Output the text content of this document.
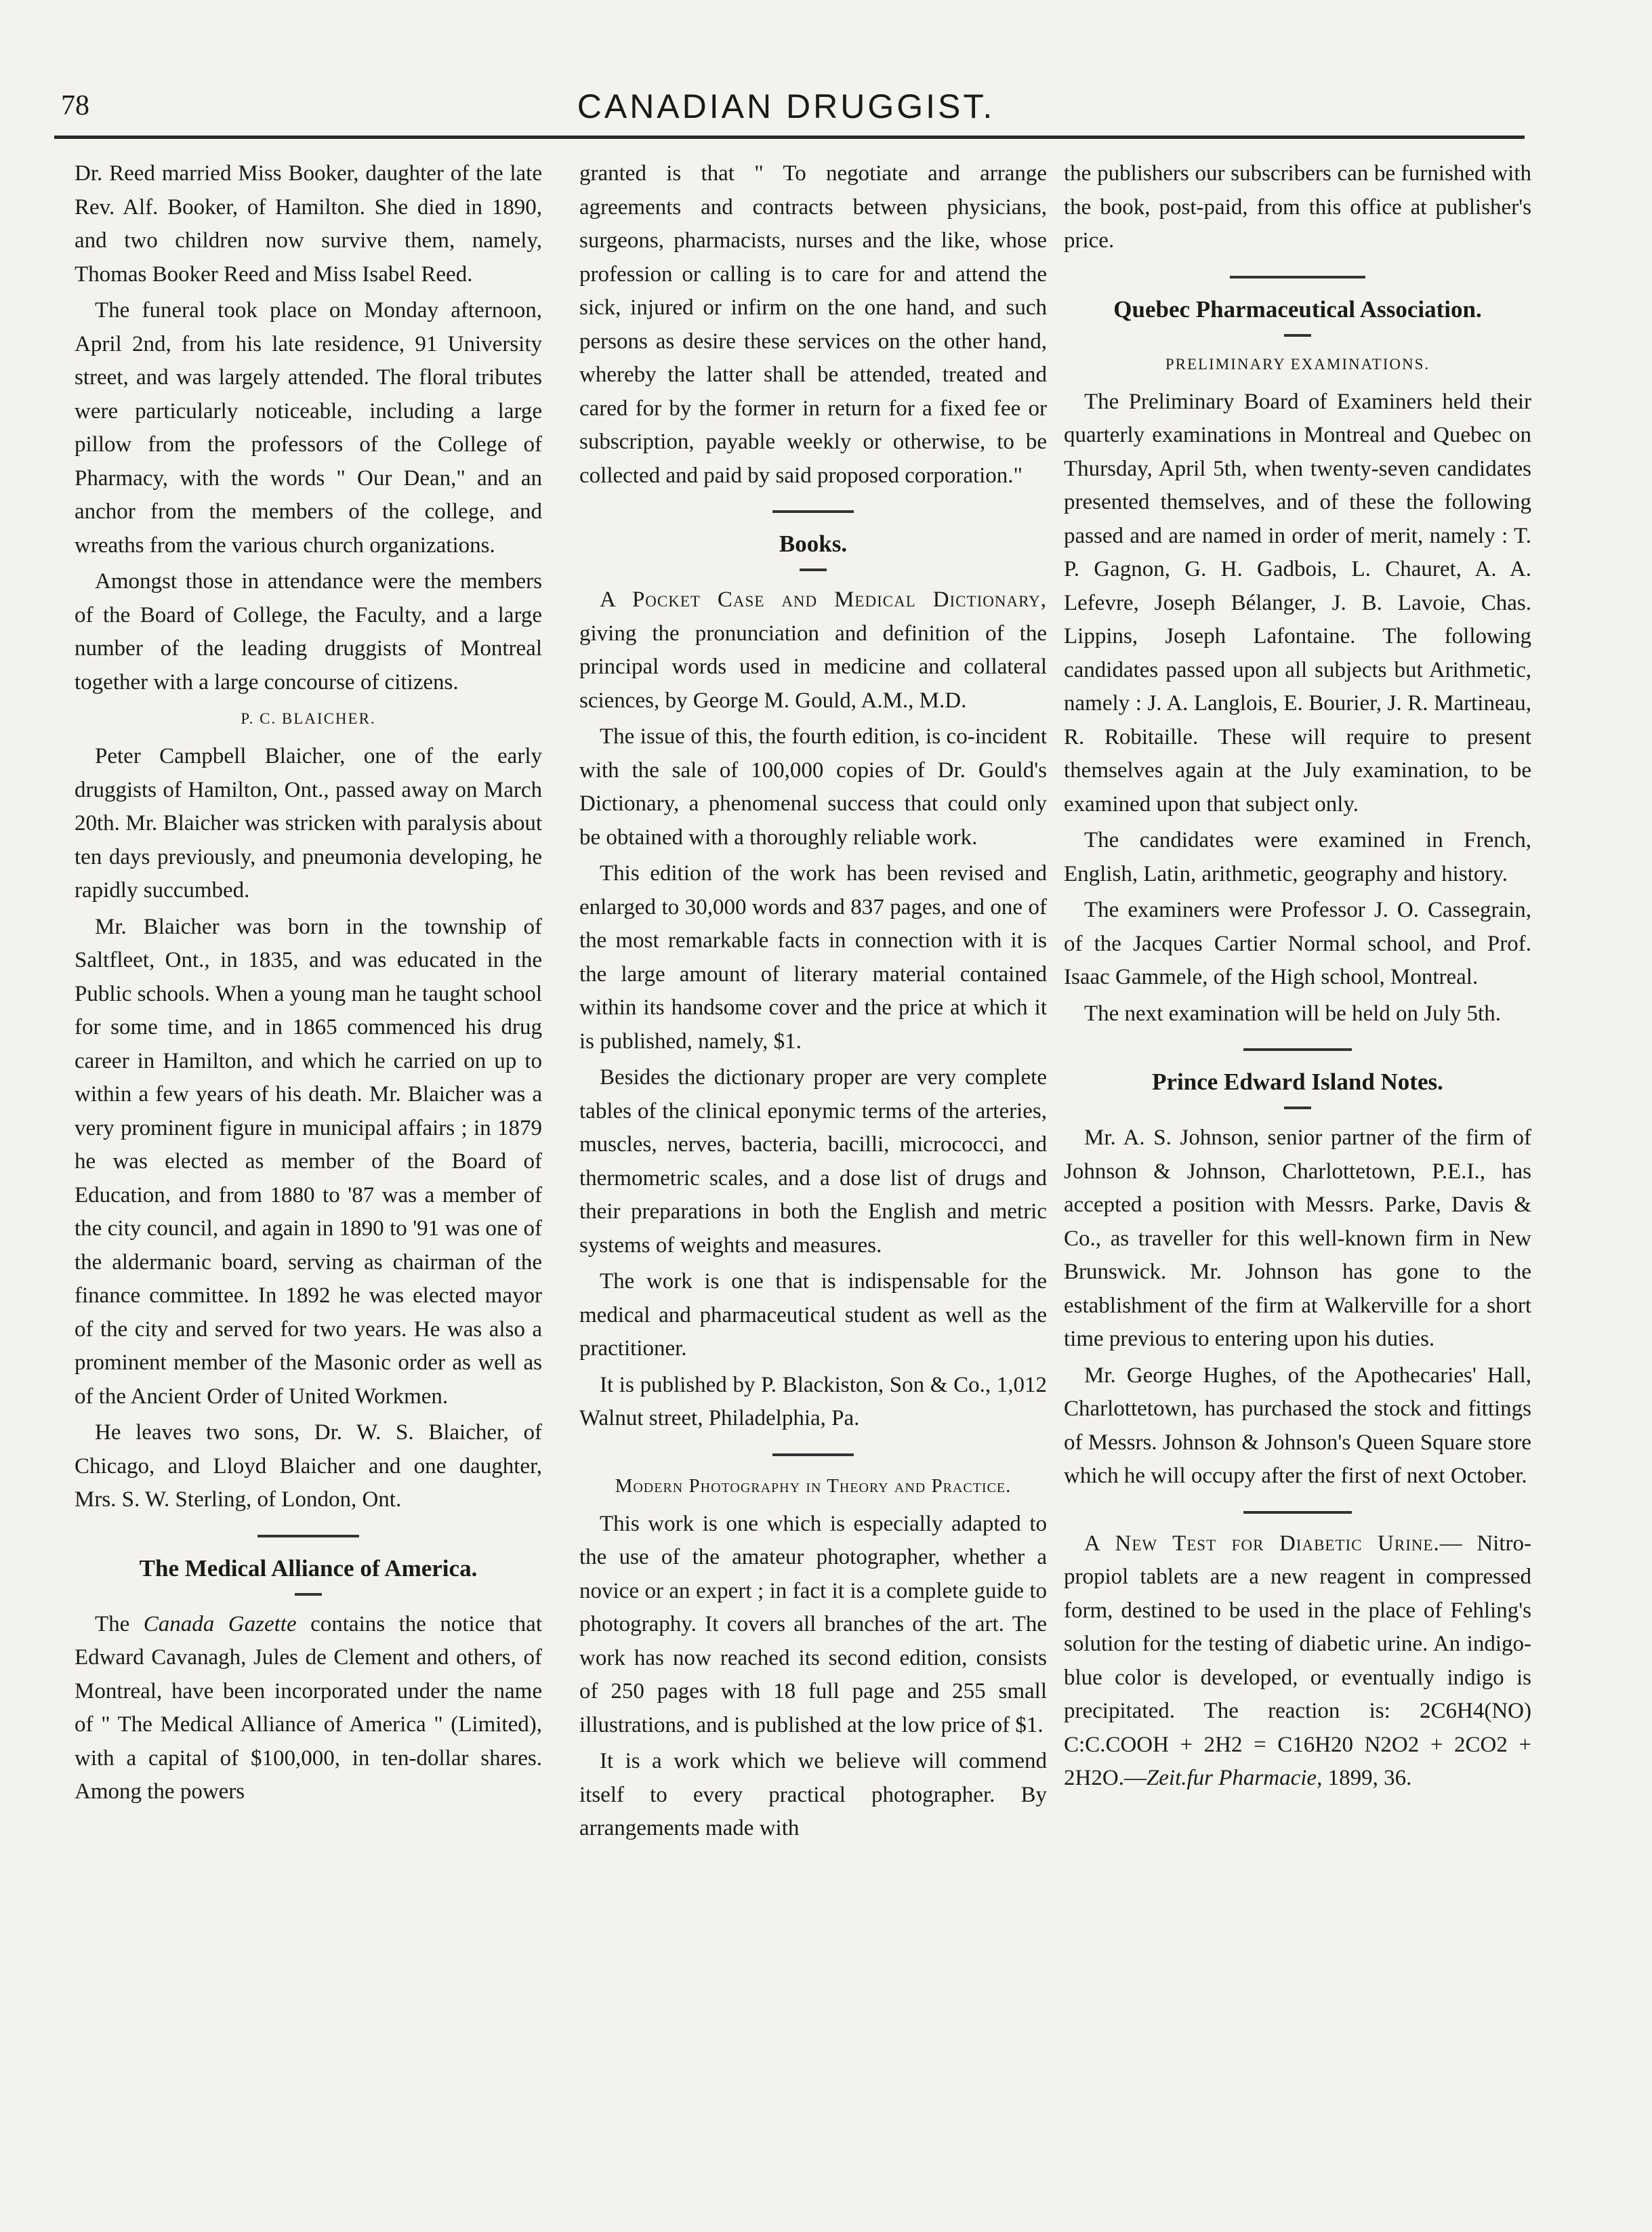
78	CANADIAN DRUGGIST.

Dr. Reed married Miss Booker, daughter of the late Rev. Alf. Booker, of Hamilton. She died in 1890, and two children now survive them, namely, Thomas Booker Reed and Miss Isabel Reed.

The funeral took place on Monday afternoon, April 2nd, from his late residence, 91 University street, and was largely attended. The floral tributes were particularly noticeable, including a large pillow from the professors of the College of Pharmacy, with the words " Our Dean," and an anchor from the members of the college, and wreaths from the various church organizations.

Amongst those in attendance were the members of the Board of College, the Faculty, and a large number of the leading druggists of Montreal together with a large concourse of citizens.

P. C. BLAICHER.

Peter Campbell Blaicher, one of the early druggists of Hamilton, Ont., passed away on March 20th. Mr. Blaicher was stricken with paralysis about ten days previously, and pneumonia developing, he rapidly succumbed.

Mr. Blaicher was born in the township of Saltfleet, Ont., in 1835, and was educated in the Public schools. When a young man he taught school for some time, and in 1865 commenced his drug career in Hamilton, and which he carried on up to within a few years of his death. Mr. Blaicher was a very prominent figure in municipal affairs ; in 1879 he was elected as member of the Board of Education, and from 1880 to '87 was a member of the city council, and again in 1890 to '91 was one of the aldermanic board, serving as chairman of the finance committee. In 1892 he was elected mayor of the city and served for two years. He was also a prominent member of the Masonic order as well as of the Ancient Order of United Workmen.

He leaves two sons, Dr. W. S. Blaicher, of Chicago, and Lloyd Blaicher and one daughter, Mrs. S. W. Sterling, of London, Ont.

The Medical Alliance of America.

The Canada Gazette contains the notice that Edward Cavanagh, Jules de Clement and others, of Montreal, have been incorporated under the name of " The Medical Alliance of America " (Limited), with a capital of $100,000, in ten-dollar shares. Among the powers

granted is that " To negotiate and arrange agreements and contracts between physicians, surgeons, pharmacists, nurses and the like, whose profession or calling is to care for and attend the sick, injured or infirm on the one hand, and such persons as desire these services on the other hand, whereby the latter shall be attended, treated and cared for by the former in return for a fixed fee or subscription, payable weekly or otherwise, to be collected and paid by said proposed corporation."

Books.

A Pocket Case and Medical Dictionary, giving the pronunciation and definition of the principal words used in medicine and collateral sciences, by George M. Gould, A.M., M.D.

The issue of this, the fourth edition, is co-incident with the sale of 100,000 copies of Dr. Gould's Dictionary, a phenomenal success that could only be obtained with a thoroughly reliable work.

This edition of the work has been revised and enlarged to 30,000 words and 837 pages, and one of the most remarkable facts in connection with it is the large amount of literary material contained within its handsome cover and the price at which it is published, namely, $1.

Besides the dictionary proper are very complete tables of the clinical eponymic terms of the arteries, muscles, nerves, bacteria, bacilli, micrococci, and thermometric scales, and a dose list of drugs and their preparations in both the English and metric systems of weights and measures.

The work is one that is indispensable for the medical and pharmaceutical student as well as the practitioner.

It is published by P. Blackiston, Son & Co., 1,012 Walnut street, Philadelphia, Pa.

Modern Photography in Theory and Practice.

This work is one which is especially adapted to the use of the amateur photographer, whether a novice or an expert ; in fact it is a complete guide to photography. It covers all branches of the art. The work has now reached its second edition, consists of 250 pages with 18 full page and 255 small illustrations, and is published at the low price of $1.

It is a work which we believe will commend itself to every practical photographer. By arrangements made with

the publishers our subscribers can be furnished with the book, post-paid, from this office at publisher's price.

Quebec Pharmaceutical Association.
PRELIMINARY EXAMINATIONS.

The Preliminary Board of Examiners held their quarterly examinations in Montreal and Quebec on Thursday, April 5th, when twenty-seven candidates presented themselves, and of these the following passed and are named in order of merit, namely : T. P. Gagnon, G. H. Gadbois, L. Chauret, A. A. Lefevre, Joseph Bélanger, J. B. Lavoie, Chas. Lippins, Joseph Lafontaine. The following candidates passed upon all subjects but Arithmetic, namely : J. A. Langlois, E. Bourier, J. R. Martineau, R. Robitaille. These will require to present themselves again at the July examination, to be examined upon that subject only.

The candidates were examined in French, English, Latin, arithmetic, geography and history.

The examiners were Professor J. O. Cassegrain, of the Jacques Cartier Normal school, and Prof. Isaac Gammele, of the High school, Montreal.

The next examination will be held on July 5th.

Prince Edward Island Notes.

Mr. A. S. Johnson, senior partner of the firm of Johnson & Johnson, Charlottetown, P.E.I., has accepted a position with Messrs. Parke, Davis & Co., as traveller for this well-known firm in New Brunswick. Mr. Johnson has gone to the establishment of the firm at Walkerville for a short time previous to entering upon his duties.

Mr. George Hughes, of the Apothecaries' Hall, Charlottetown, has purchased the stock and fittings of Messrs. Johnson & Johnson's Queen Square store which he will occupy after the first of next October.

A New Test for Diabetic Urine.— Nitro-propiol tablets are a new reagent in compressed form, destined to be used in the place of Fehling's solution for the testing of diabetic urine. An indigo-blue color is developed, or eventually indigo is precipitated. The reaction is: 2C6H4(NO) C:C.COOH + 2H2 = C16H20 N2O2 + 2CO2 + 2H2O.—Zeit.fur Pharmacie, 1899, 36.
